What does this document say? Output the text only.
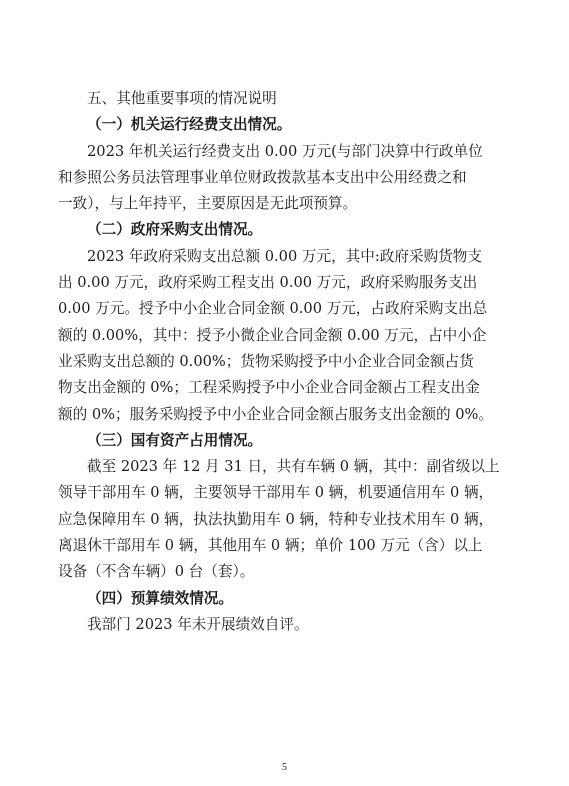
五、其他重要事项的情况说明
（一）机关运行经费支出情况。
2023 年机关运行经费支出 0.00 万元(与部门决算中行政单位
和参照公务员法管理事业单位财政拨款基本支出中公用经费之和
一致），与上年持平，主要原因是无此项预算。
（二）政府采购支出情况。
2023 年政府采购支出总额 0.00 万元，其中:政府采购货物支
出 0.00 万元，政府采购工程支出 0.00 万元，政府采购服务支出
0.00 万元。授予中小企业合同金额 0.00 万元，占政府采购支出总
额的 0.00%，其中：授予小微企业合同金额 0.00 万元，占中小企
业采购支出总额的 0.00%；货物采购授予中小企业合同金额占货
物支出金额的 0%；工程采购授予中小企业合同金额占工程支出金
额的 0%；服务采购授予中小企业合同金额占服务支出金额的 0%。
（三）国有资产占用情况。
截至 2023 年 12 月 31 日，共有车辆 0 辆，其中：副省级以上
领导干部用车 0 辆，主要领导干部用车 0 辆，机要通信用车 0 辆，
应急保障用车 0 辆，执法执勤用车 0 辆，特种专业技术用车 0 辆，
离退休干部用车 0 辆，其他用车 0 辆；单价 100 万元（含）以上
设备（不含车辆）0 台（套）。
（四）预算绩效情况。
我部门 2023 年未开展绩效自评。
5
